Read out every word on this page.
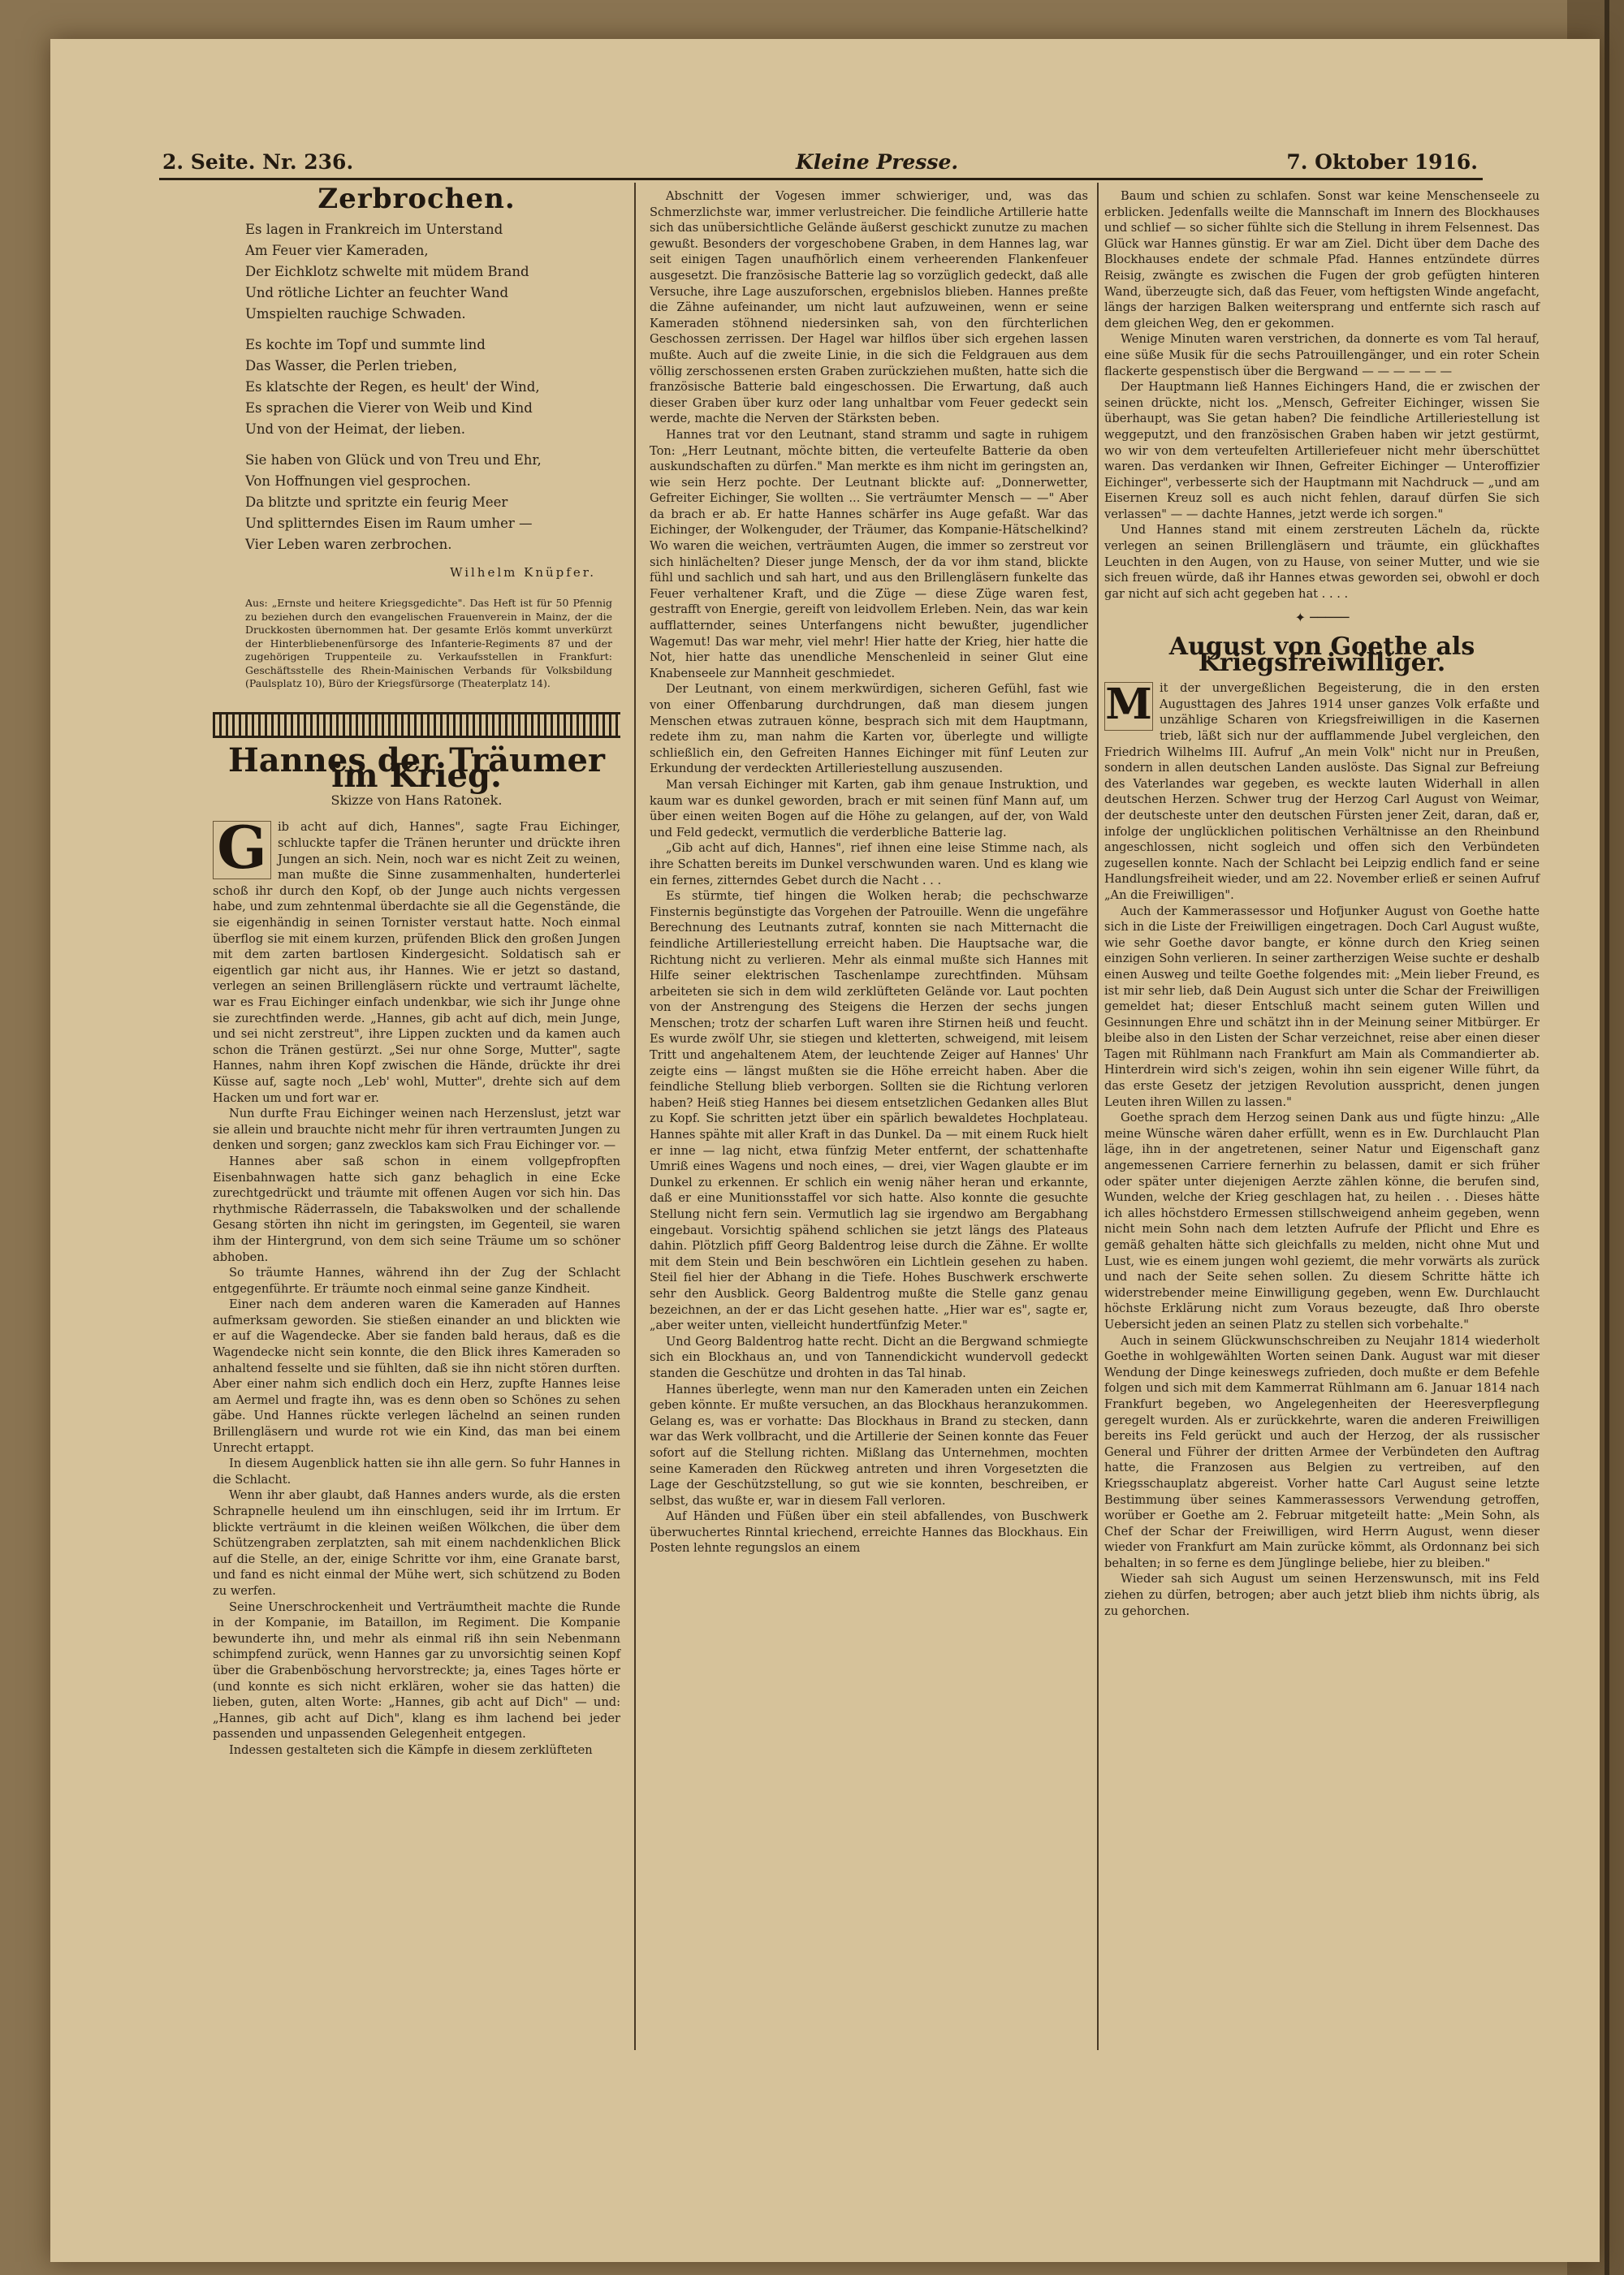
2. Seite. Nr. 236.	Kleine Presse.	7. Oktober 1916.
Zerbrochen.
Es lagen in Frankreich im Unterstand
Am Feuer vier Kameraden,
Der Eichklotz schwelte mit müdem Brand
Und rötliche Lichter an feuchter Wand
Umspielten rauchige Schwaden.
Es kochte im Topf und summte lind
Das Wasser, die Perlen trieben,
Es klatschte der Regen, es heult' der Wind,
Es sprachen die Vierer von Weib und Kind
Und von der Heimat, der lieben.
Sie haben von Glück und von Treu und Ehr,
Von Hoffnungen viel gesprochen.
Da blitzte und spritzte ein feurig Meer
Und splitterndes Eisen im Raum umher —
Vier Leben waren zerbrochen.
Wilhelm Knüpfer.

Aus: „Ernste und heitere Kriegsgedichte". Das Heft ist für 50 Pfennig zu beziehen durch den evangelischen Frauenverein in Mainz, der die Druckkosten übernommen hat. Der gesamte Erlös kommt unverkürzt der Hinterbliebenenfürsorge des Infanterie-Regiments 87 und der zugehörigen Truppenteile zu. Verkaufsstellen in Frankfurt: Geschäftsstelle des Rhein-Mainischen Verbands für Volksbildung (Paulsplatz 10), Büro der Kriegsfürsorge (Theaterplatz 14).

Hannes der Träumer im Krieg.

Skizze von Hans Ratonek.

G ib acht auf dich, Hannes", sagte Frau Eichinger, schluckte tapfer die Tränen herunter und drückte ihren Jungen an sich. Nein, noch war es nicht Zeit zu weinen, man mußte die Sinne zusammenhalten, hunderterlei schoß ihr durch den Kopf, ob der Junge auch nichts vergessen habe, und zum zehntenmal überdachte sie all die Gegenstände, die sie eigenhändig in seinen Tornister verstaut hatte. Noch einmal überflog sie mit einem kurzen, prüfenden Blick den großen Jungen mit dem zarten bartlosen Kindergesicht. Soldatisch sah er eigentlich gar nicht aus, ihr Hannes. Wie er jetzt so dastand, verlegen an seinen Brillengläsern rückte und vertraumt lächelte, war es Frau Eichinger einfach undenkbar, wie sich ihr Junge ohne sie zurechtfinden werde. „Hannes, gib acht auf dich, mein Junge, und sei nicht zerstreut", ihre Lippen zuckten und da kamen auch schon die Tränen gestürzt. „Sei nur ohne Sorge, Mutter", sagte Hannes, nahm ihren Kopf zwischen die Hände, drückte ihr drei Küsse auf, sagte noch „Leb' wohl, Mutter", drehte sich auf dem Hacken um und fort war er.

Nun durfte Frau Eichinger weinen nach Herzenslust, jetzt war sie allein und brauchte nicht mehr für ihren vertraumten Jungen zu denken und sorgen; ganz zwecklos kam sich Frau Eichinger vor. —

Hannes aber saß schon in einem vollgepfropften Eisenbahnwagen hatte sich ganz behaglich in eine Ecke zurechtgedrückt und träumte mit offenen Augen vor sich hin. Das rhythmische Räderrasseln, die Tabakswolken und der schallende Gesang störten ihn nicht im geringsten, im Gegenteil, sie waren ihm der Hintergrund, von dem sich seine Träume um so schöner abhoben.

So träumte Hannes, während ihn der Zug der Schlacht entgegenführte. Er träumte noch einmal seine ganze Kindheit.

Einer nach dem anderen waren die Kameraden auf Hannes aufmerksam geworden. Sie stießen einander an und blickten wie er auf die Wagendecke. Aber sie fanden bald heraus, daß es die Wagendecke nicht sein konnte, die den Blick ihres Kameraden so anhaltend fesselte und sie fühlten, daß sie ihn nicht stören durften. Aber einer nahm sich endlich doch ein Herz, zupfte Hannes leise am Aermel und fragte ihn, was es denn oben so Schönes zu sehen gäbe. Und Hannes rückte verlegen lächelnd an seinen runden Brillengläsern und wurde rot wie ein Kind, das man bei einem Unrecht ertappt.

In diesem Augenblick hatten sie ihn alle gern. So fuhr Hannes in die Schlacht.

Wenn ihr aber glaubt, daß Hannes anders wurde, als die ersten Schrapnelle heulend um ihn einschlugen, seid ihr im Irrtum. Er blickte verträumt in die kleinen weißen Wölkchen, die über dem Schützengraben zerplatzten, sah mit einem nachdenklichen Blick auf die Stelle, an der, einige Schritte vor ihm, eine Granate barst, und fand es nicht einmal der Mühe wert, sich schützend zu Boden zu werfen.

Seine Unerschrockenheit und Verträumtheit machte die Runde in der Kompanie, im Bataillon, im Regiment. Die Kompanie bewunderte ihn, und mehr als einmal riß ihn sein Nebenmann schimpfend zurück, wenn Hannes gar zu unvorsichtig seinen Kopf über die Grabenböschung hervorstreckte; ja, eines Tages hörte er (und konnte es sich nicht erklären, woher sie das hatten) die lieben, guten, alten Worte: „Hannes, gib acht auf Dich" — und: „Hannes, gib acht auf Dich", klang es ihm lachend bei jeder passenden und unpassenden Gelegenheit entgegen.

Indessen gestalteten sich die Kämpfe in diesem zerklüfteten

Abschnitt der Vogesen immer schwieriger, und, was das Schmerzlichste war, immer verlustreicher. Die feindliche Artillerie hatte sich das unübersichtliche Gelände äußerst geschickt zunutze zu machen gewußt. Besonders der vorgeschobene Graben, in dem Hannes lag, war seit einigen Tagen unaufhörlich einem verheerenden Flankenfeuer ausgesetzt. Die französische Batterie lag so vorzüglich gedeckt, daß alle Versuche, ihre Lage auszuforschen, ergebnislos blieben. Hannes preßte die Zähne aufeinander, um nicht laut aufzuweinen, wenn er seine Kameraden stöhnend niedersinken sah, von den fürchterlichen Geschossen zerrissen. Der Hagel war hilflos über sich ergehen lassen mußte. Auch auf die zweite Linie, in die sich die Feldgrauen aus dem völlig zerschossenen ersten Graben zurückziehen mußten, hatte sich die französische Batterie bald eingeschossen. Die Erwartung, daß auch dieser Graben über kurz oder lang unhaltbar vom Feuer gedeckt sein werde, machte die Nerven der Stärksten beben.

Hannes trat vor den Leutnant, stand stramm und sagte in ruhigem Ton: „Herr Leutnant, möchte bitten, die verteufelte Batterie da oben auskundschaften zu dürfen." Man merkte es ihm nicht im geringsten an, wie sein Herz pochte. Der Leutnant blickte auf: „Donnerwetter, Gefreiter Eichinger, Sie wollten ... Sie verträumter Mensch — —" Aber da brach er ab. Er hatte Hannes schärfer ins Auge gefaßt. War das Eichinger, der Wolkenguder, der Träumer, das Kompanie-Hätschelkind? Wo waren die weichen, verträumten Augen, die immer so zerstreut vor sich hinlächelten? Dieser junge Mensch, der da vor ihm stand, blickte fühl und sachlich und sah hart, und aus den Brillengläsern funkelte das Feuer verhaltener Kraft, und die Züge — diese Züge waren fest, gestrafft von Energie, gereift von leidvollem Erleben. Nein, das war kein aufflatternder, seines Unterfangens nicht bewußter, jugendlicher Wagemut! Das war mehr, viel mehr! Hier hatte der Krieg, hier hatte die Not, hier hatte das unendliche Menschenleid in seiner Glut eine Knabenseele zur Mannheit geschmiedet.

Der Leutnant, von einem merkwürdigen, sicheren Gefühl, fast wie von einer Offenbarung durchdrungen, daß man diesem jungen Menschen etwas zutrauen könne, besprach sich mit dem Hauptmann, redete ihm zu, man nahm die Karten vor, überlegte und willigte schließlich ein, den Gefreiten Hannes Eichinger mit fünf Leuten zur Erkundung der verdeckten Artilleriestellung auszusenden.

Man versah Eichinger mit Karten, gab ihm genaue Instruktion, und kaum war es dunkel geworden, brach er mit seinen fünf Mann auf, um über einen weiten Bogen auf die Höhe zu gelangen, auf der, von Wald und Feld gedeckt, vermutlich die verderbliche Batterie lag.

„Gib acht auf dich, Hannes", rief ihnen eine leise Stimme nach, als ihre Schatten bereits im Dunkel verschwunden waren. Und es klang wie ein fernes, zitterndes Gebet durch die Nacht . . .

Es stürmte, tief hingen die Wolken herab; die pechschwarze Finsternis begünstigte das Vorgehen der Patrouille. Wenn die ungefähre Berechnung des Leutnants zutraf, konnten sie nach Mitternacht die feindliche Artilleriestellung erreicht haben. Die Hauptsache war, die Richtung nicht zu verlieren. Mehr als einmal mußte sich Hannes mit Hilfe seiner elektrischen Taschenlampe zurechtfinden. Mühsam arbeiteten sie sich in dem wild zerklüfteten Gelände vor. Laut pochten von der Anstrengung des Steigens die Herzen der sechs jungen Menschen; trotz der scharfen Luft waren ihre Stirnen heiß und feucht. Es wurde zwölf Uhr, sie stiegen und kletterten, schweigend, mit leisem Tritt und angehaltenem Atem, der leuchtende Zeiger auf Hannes' Uhr zeigte eins — längst mußten sie die Höhe erreicht haben. Aber die feindliche Stellung blieb verborgen. Sollten sie die Richtung verloren haben? Heiß stieg Hannes bei diesem entsetzlichen Gedanken alles Blut zu Kopf. Sie schritten jetzt über ein spärlich bewaldetes Hochplateau. Hannes spähte mit aller Kraft in das Dunkel. Da — mit einem Ruck hielt er inne — lag nicht, etwa fünfzig Meter entfernt, der schattenhafte Umriß eines Wagens und noch eines, — drei, vier Wagen glaubte er im Dunkel zu erkennen. Er schlich ein wenig näher heran und erkannte, daß er eine Munitionsstaffel vor sich hatte. Also konnte die gesuchte Stellung nicht fern sein. Vermutlich lag sie irgendwo am Bergabhang eingebaut. Vorsichtig spähend schlichen sie jetzt längs des Plateaus dahin. Plötzlich pfiff Georg Baldentrog leise durch die Zähne. Er wollte mit dem Stein und Bein beschwören ein Lichtlein gesehen zu haben. Steil fiel hier der Abhang in die Tiefe. Hohes Buschwerk erschwerte sehr den Ausblick. Georg Baldentrog mußte die Stelle ganz genau bezeichnen, an der er das Licht gesehen hatte. „Hier war es", sagte er, „aber weiter unten, vielleicht hundertfünfzig Meter."

Und Georg Baldentrog hatte recht. Dicht an die Bergwand schmiegte sich ein Blockhaus an, und von Tannendickicht wundervoll gedeckt standen die Geschütze und drohten in das Tal hinab.

Hannes überlegte, wenn man nur den Kameraden unten ein Zeichen geben könnte. Er mußte versuchen, an das Blockhaus heranzukommen. Gelang es, was er vorhatte: Das Blockhaus in Brand zu stecken, dann war das Werk vollbracht, und die Artillerie der Seinen konnte das Feuer sofort auf die Stellung richten. Mißlang das Unternehmen, mochten seine Kameraden den Rückweg antreten und ihren Vorgesetzten die Lage der Geschützstellung, so gut wie sie konnten, beschreiben, er selbst, das wußte er, war in diesem Fall verloren.

Auf Händen und Füßen über ein steil abfallendes, von Buschwerk überwuchertes Rinntal kriechend, erreichte Hannes das Blockhaus. Ein Posten lehnte regungslos an einem

Baum und schien zu schlafen. Sonst war keine Menschenseele zu erblicken. Jedenfalls weilte die Mannschaft im Innern des Blockhauses und schlief — so sicher fühlte sich die Stellung in ihrem Felsennest. Das Glück war Hannes günstig. Er war am Ziel. Dicht über dem Dache des Blockhauses endete der schmale Pfad. Hannes entzündete dürres Reisig, zwängte es zwischen die Fugen der grob gefügten hinteren Wand, überzeugte sich, daß das Feuer, vom heftigsten Winde angefacht, längs der harzigen Balken weitersprang und entfernte sich rasch auf dem gleichen Weg, den er gekommen.

Wenige Minuten waren verstrichen, da donnerte es vom Tal herauf, eine süße Musik für die sechs Patrouillengänger, und ein roter Schein flackerte gespenstisch über die Bergwand — — — — — —

Der Hauptmann ließ Hannes Eichingers Hand, die er zwischen der seinen drückte, nicht los. „Mensch, Gefreiter Eichinger, wissen Sie überhaupt, was Sie getan haben? Die feindliche Artilleriestellung ist weggeputzt, und den französischen Graben haben wir jetzt gestürmt, wo wir von dem verteufelten Artilleriefeuer nicht mehr überschüttet waren. Das verdanken wir Ihnen, Gefreiter Eichinger — Unteroffizier Eichinger", verbesserte sich der Hauptmann mit Nachdruck — „und am Eisernen Kreuz soll es auch nicht fehlen, darauf dürfen Sie sich verlassen" — — dachte Hannes, jetzt werde ich sorgen."

Und Hannes stand mit einem zerstreuten Lächeln da, rückte verlegen an seinen Brillengläsern und träumte, ein glückhaftes Leuchten in den Augen, von zu Hause, von seiner Mutter, und wie sie sich freuen würde, daß ihr Hannes etwas geworden sei, obwohl er doch gar nicht auf sich acht gegeben hat . . . .

✦ ─────
August von Goethe als Kriegsfreiwilliger.

M it der unvergeßlichen Begeisterung, die in den ersten Augusttagen des Jahres 1914 unser ganzes Volk erfaßte und unzählige Scharen von Kriegsfreiwilligen in die Kasernen trieb, läßt sich nur der aufflammende Jubel vergleichen, den Friedrich Wilhelms III. Aufruf „An mein Volk" nicht nur in Preußen, sondern in allen deutschen Landen auslöste. Das Signal zur Befreiung des Vaterlandes war gegeben, es weckte lauten Widerhall in allen deutschen Herzen. Schwer trug der Herzog Carl August von Weimar, der deutscheste unter den deutschen Fürsten jener Zeit, daran, daß er, infolge der unglücklichen politischen Verhältnisse an den Rheinbund angeschlossen, nicht sogleich und offen sich den Verbündeten zugesellen konnte. Nach der Schlacht bei Leipzig endlich fand er seine Handlungsfreiheit wieder, und am 22. November erließ er seinen Aufruf „An die Freiwilligen".

Auch der Kammerassessor und Hofjunker August von Goethe hatte sich in die Liste der Freiwilligen eingetragen. Doch Carl August wußte, wie sehr Goethe davor bangte, er könne durch den Krieg seinen einzigen Sohn verlieren. In seiner zartherzigen Weise suchte er deshalb einen Ausweg und teilte Goethe folgendes mit: „Mein lieber Freund, es ist mir sehr lieb, daß Dein August sich unter die Schar der Freiwilligen gemeldet hat; dieser Entschluß macht seinem guten Willen und Gesinnungen Ehre und schätzt ihn in der Meinung seiner Mitbürger. Er bleibe also in den Listen der Schar verzeichnet, reise aber einen dieser Tagen mit Rühlmann nach Frankfurt am Main als Commandierter ab. Hinterdrein wird sich's zeigen, wohin ihn sein eigener Wille führt, da das erste Gesetz der jetzigen Revolution ausspricht, denen jungen Leuten ihren Willen zu lassen."

Goethe sprach dem Herzog seinen Dank aus und fügte hinzu: „Alle meine Wünsche wären daher erfüllt, wenn es in Ew. Durchlaucht Plan läge, ihn in der angetretenen, seiner Natur und Eigenschaft ganz angemessenen Carriere fernerhin zu belassen, damit er sich früher oder später unter diejenigen Aerzte zählen könne, die berufen sind, Wunden, welche der Krieg geschlagen hat, zu heilen . . . Dieses hätte ich alles höchstdero Ermessen stillschweigend anheim gegeben, wenn nicht mein Sohn nach dem letzten Aufrufe der Pflicht und Ehre es gemäß gehalten hätte sich gleichfalls zu melden, nicht ohne Mut und Lust, wie es einem jungen wohl geziemt, die mehr vorwärts als zurück und nach der Seite sehen sollen. Zu diesem Schritte hätte ich widerstrebender meine Einwilligung gegeben, wenn Ew. Durchlaucht höchste Erklärung nicht zum Voraus bezeugte, daß Ihro oberste Uebersicht jeden an seinen Platz zu stellen sich vorbehalte."

Auch in seinem Glückwunschschreiben zu Neujahr 1814 wiederholt Goethe in wohlgewählten Worten seinen Dank. August war mit dieser Wendung der Dinge keineswegs zufrieden, doch mußte er dem Befehle folgen und sich mit dem Kammerrat Rühlmann am 6. Januar 1814 nach Frankfurt begeben, wo Angelegenheiten der Heeresverpflegung geregelt wurden. Als er zurückkehrte, waren die anderen Freiwilligen bereits ins Feld gerückt und auch der Herzog, der als russischer General und Führer der dritten Armee der Verbündeten den Auftrag hatte, die Franzosen aus Belgien zu vertreiben, auf den Kriegsschauplatz abgereist. Vorher hatte Carl August seine letzte Bestimmung über seines Kammerassessors Verwendung getroffen, worüber er Goethe am 2. Februar mitgeteilt hatte: „Mein Sohn, als Chef der Schar der Freiwilligen, wird Herrn August, wenn dieser wieder von Frankfurt am Main zurücke kömmt, als Ordonnanz bei sich behalten; in so ferne es dem Jünglinge beliebe, hier zu bleiben."

Wieder sah sich August um seinen Herzenswunsch, mit ins Feld ziehen zu dürfen, betrogen; aber auch jetzt blieb ihm nichts übrig, als zu gehorchen.
